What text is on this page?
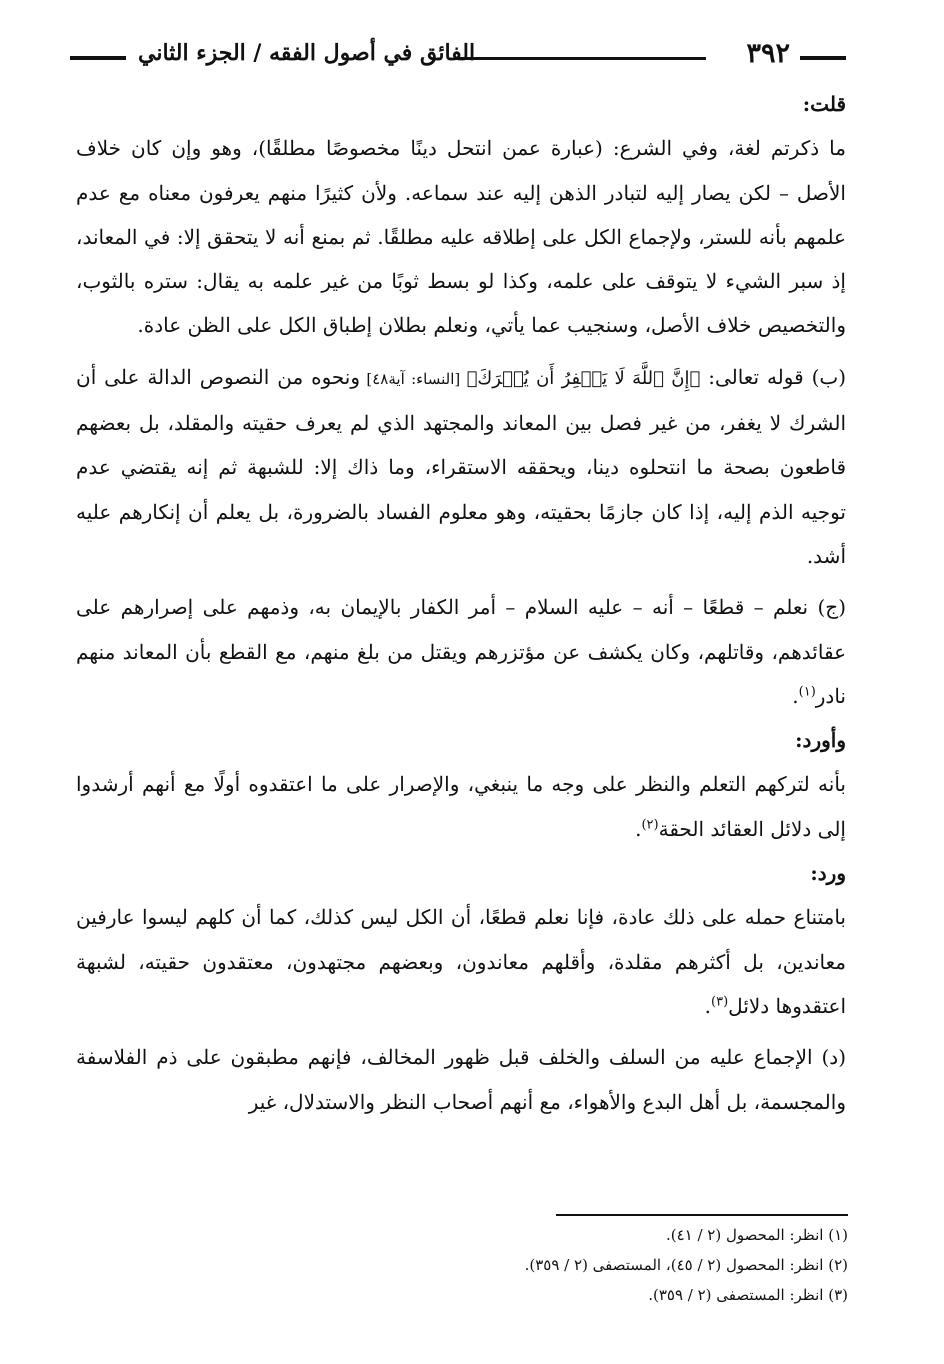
٣٩٢
الفائق في أصول الفقه / الجزء الثاني

قلت:

ما ذكرتم لغة، وفي الشرع: (عبارة عمن انتحل دينًا مخصوصًا مطلقًا)، وهو وإن كان خلاف الأصل – لكن يصار إليه لتبادر الذهن إليه عند سماعه. ولأن كثيرًا منهم يعرفون معناه مع عدم علمهم بأنه للستر، ولإجماع الكل على إطلاقه عليه مطلقًا. ثم بمنع أنه لا يتحقق إلا: في المعاند، إذ سبر الشيء لا يتوقف على علمه، وكذا لو بسط ثوبًا من غير علمه به يقال: ستره بالثوب، والتخصيص خلاف الأصل، وسنجيب عما يأتي، ونعلم بطلان إطباق الكل على الظن عادة.

(ب) قوله تعالى: ﴿إِنَّ ٱللَّهَ لَا يَغۡفِرُ أَن يُشۡرَكَ﴾ [النساء: آية٤٨] ونحوه من النصوص الدالة على أن الشرك لا يغفر، من غير فصل بين المعاند والمجتهد الذي لم يعرف حقيته والمقلد، بل بعضهم قاطعون بصحة ما انتحلوه دينا، ويحققه الاستقراء، وما ذاك إلا: للشبهة ثم إنه يقتضي عدم توجيه الذم إليه، إذا كان جازمًا بحقيته، وهو معلوم الفساد بالضرورة، بل يعلم أن إنكارهم عليه أشد.

(ج) نعلم – قطعًا – أنه – عليه السلام – أمر الكفار بالإيمان به، وذمهم على إصرارهم على عقائدهم، وقاتلهم، وكان يكشف عن مؤتزرهم ويقتل من بلغ منهم، مع القطع بأن المعاند منهم نادر$^{(١)}$.

وأورد:

بأنه لتركهم التعلم والنظر على وجه ما ينبغي، والإصرار على ما اعتقدوه أولًا مع أنهم أرشدوا إلى دلائل العقائد الحقة$^{(٢)}$.

ورد:

بامتناع حمله على ذلك عادة، فإنا نعلم قطعًا، أن الكل ليس كذلك، كما أن كلهم ليسوا عارفين معاندين، بل أكثرهم مقلدة، وأقلهم معاندون، وبعضهم مجتهدون، معتقدون حقيته، لشبهة اعتقدوها دلائل$^{(٣)}$.

(د) الإجماع عليه من السلف والخلف قبل ظهور المخالف، فإنهم مطبقون على ذم الفلاسفة والمجسمة، بل أهل البدع والأهواء، مع أنهم أصحاب النظر والاستدلال، غير

(١) انظر: المحصول (٢ / ٤١).

(٢) انظر: المحصول (٢ / ٤٥)، المستصفى (٢ / ٣٥٩).

(٣) انظر: المستصفى (٢ / ٣٥٩).
